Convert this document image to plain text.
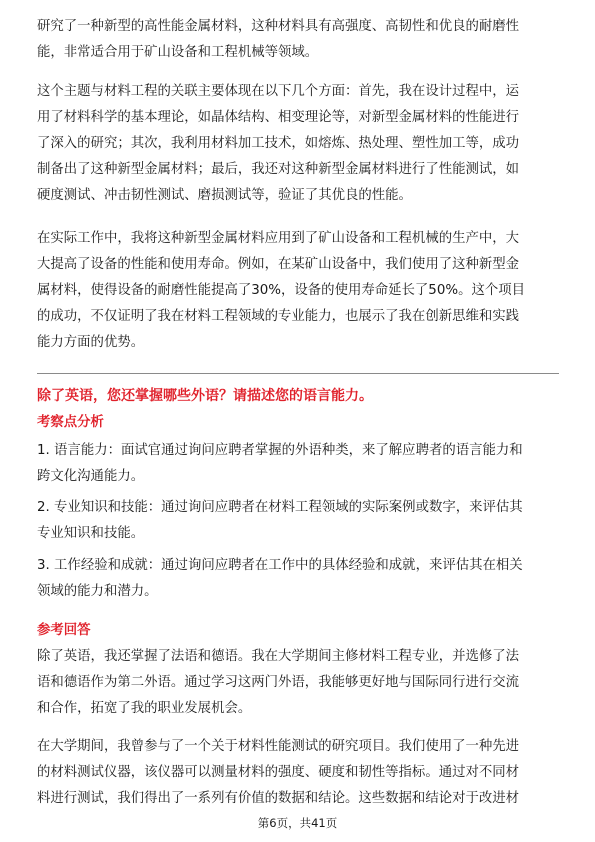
研究了一种新型的高性能金属材料，这种材料具有高强度、高韧性和优良的耐磨性
能，非常适合用于矿山设备和工程机械等领域。
这个主题与材料工程的关联主要体现在以下几个方面：首先，我在设计过程中，运
用了材料科学的基本理论，如晶体结构、相变理论等，对新型金属材料的性能进行
了深入的研究；其次，我利用材料加工技术，如熔炼、热处理、塑性加工等，成功
制备出了这种新型金属材料；最后，我还对这种新型金属材料进行了性能测试，如
硬度测试、冲击韧性测试、磨损测试等，验证了其优良的性能。
在实际工作中，我将这种新型金属材料应用到了矿山设备和工程机械的生产中，大
大提高了设备的性能和使用寿命。例如，在某矿山设备中，我们使用了这种新型金
属材料，使得设备的耐磨性能提高了30%，设备的使用寿命延长了50%。这个项目
的成功，不仅证明了我在材料工程领域的专业能力，也展示了我在创新思维和实践
能力方面的优势。
除了英语，您还掌握哪些外语？请描述您的语言能力。
考察点分析
1. 语言能力：面试官通过询问应聘者掌握的外语种类，来了解应聘者的语言能力和
跨文化沟通能力。
2. 专业知识和技能：通过询问应聘者在材料工程领域的实际案例或数字，来评估其
专业知识和技能。
3. 工作经验和成就：通过询问应聘者在工作中的具体经验和成就，来评估其在相关
领域的能力和潜力。
参考回答
除了英语，我还掌握了法语和德语。我在大学期间主修材料工程专业，并选修了法
语和德语作为第二外语。通过学习这两门外语，我能够更好地与国际同行进行交流
和合作，拓宽了我的职业发展机会。
在大学期间，我曾参与了一个关于材料性能测试的研究项目。我们使用了一种先进
的材料测试仪器，该仪器可以测量材料的强度、硬度和韧性等指标。通过对不同材
料进行测试，我们得出了一系列有价值的数据和结论。这些数据和结论对于改进材
第6页，共41页
